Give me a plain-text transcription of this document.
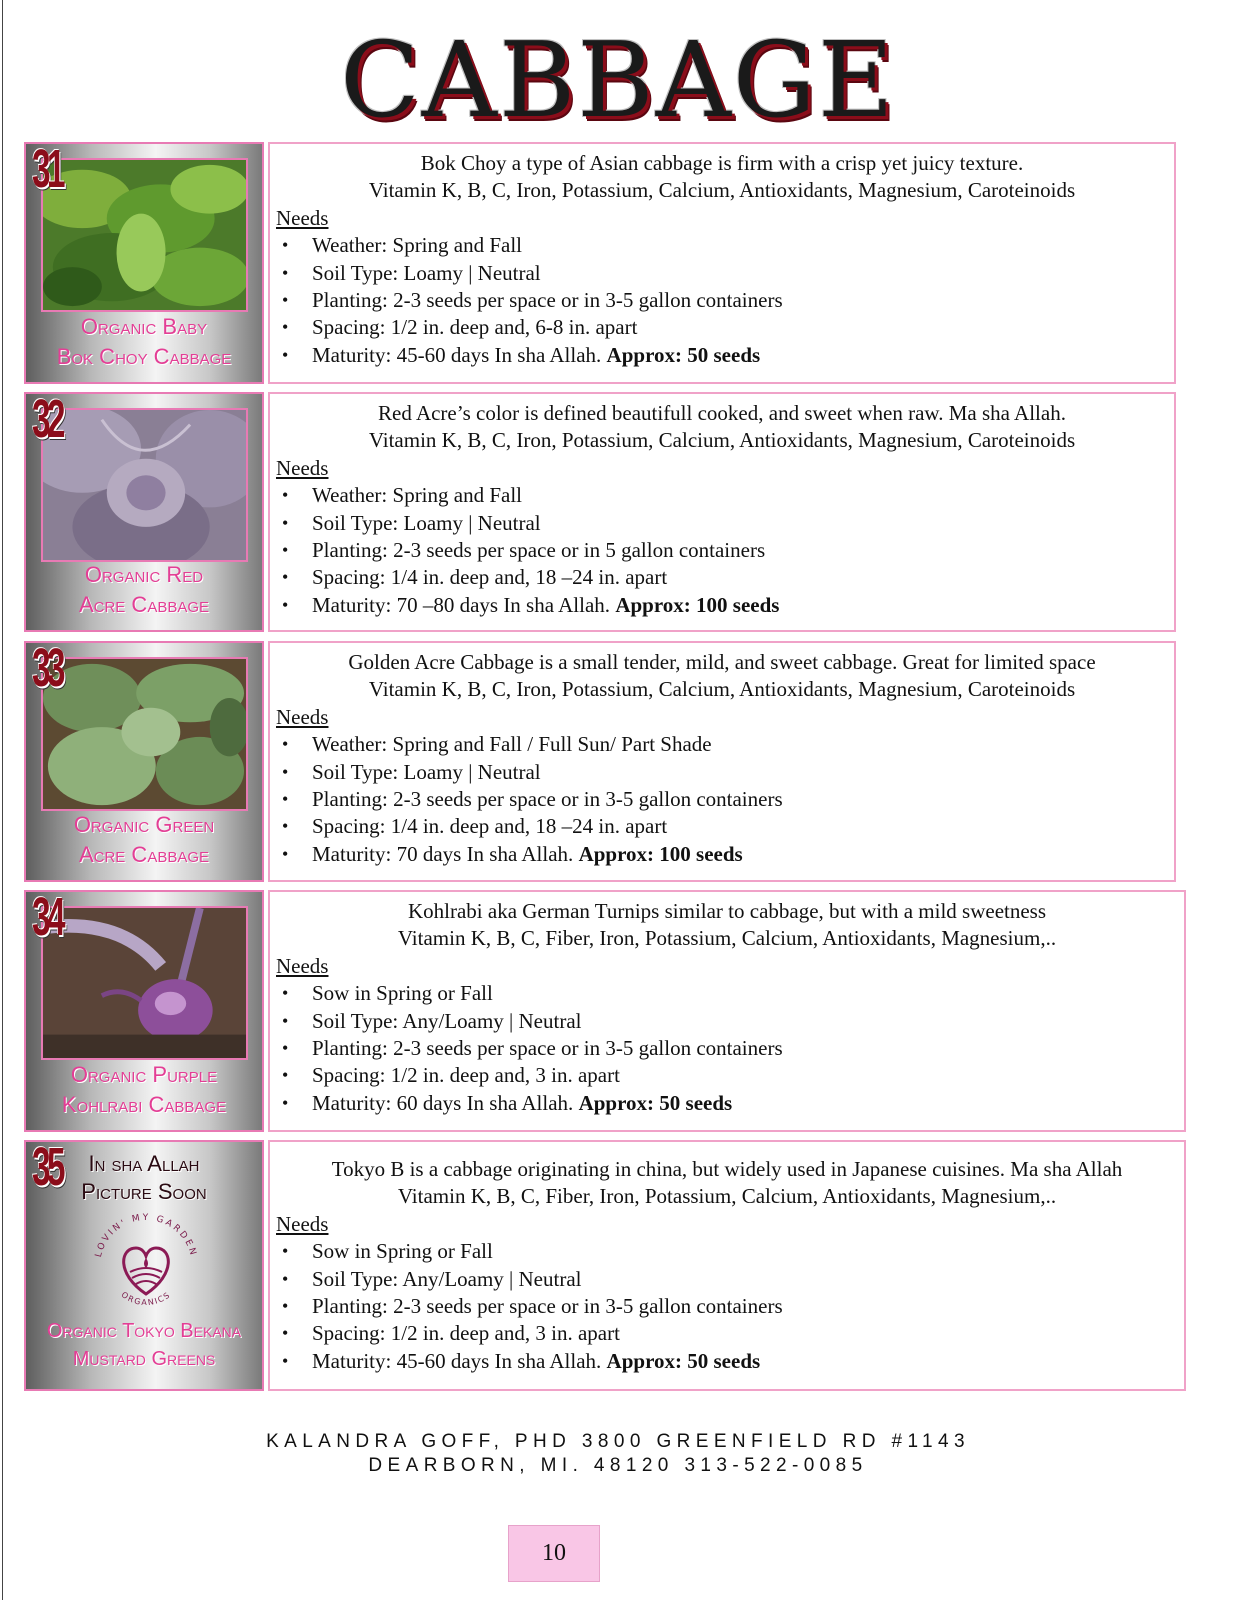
CABBAGE
31
Organic Baby
Bok Choy Cabbage
Bok Choy a type of Asian cabbage is firm with a crisp yet juicy texture.
Vitamin K, B, C, Iron, Potassium, Calcium, Antioxidants, Magnesium, Caroteinoids
Needs
• Weather: Spring and Fall
• Soil Type: Loamy | Neutral
• Planting: 2-3 seeds per space or in 3-5 gallon containers
• Spacing: 1/2 in. deep and, 6-8 in. apart
• Maturity: 45-60 days In sha Allah. Approx: 50 seeds
32
Organic Red
Acre Cabbage
Red Acre’s color is defined beautifull cooked, and sweet when raw. Ma sha Allah.
Vitamin K, B, C, Iron, Potassium, Calcium, Antioxidants, Magnesium, Caroteinoids
Needs
• Weather: Spring and Fall
• Soil Type: Loamy | Neutral
• Planting: 2-3 seeds per space or in 5 gallon containers
• Spacing: 1/4 in. deep and, 18 –24 in. apart
• Maturity: 70 –80 days In sha Allah. Approx: 100 seeds
33
Organic Green
Acre Cabbage
Golden Acre Cabbage is a small tender, mild, and sweet cabbage. Great for limited space
Vitamin K, B, C, Iron, Potassium, Calcium, Antioxidants, Magnesium, Caroteinoids
Needs
• Weather: Spring and Fall / Full Sun/ Part Shade
• Soil Type: Loamy | Neutral
• Planting: 2-3 seeds per space or in 3-5 gallon containers
• Spacing: 1/4 in. deep and, 18 –24 in. apart
• Maturity: 70 days In sha Allah. Approx: 100 seeds
34
Organic Purple
Kohlrabi Cabbage
Kohlrabi aka German Turnips similar to cabbage, but with a mild sweetness
Vitamin K, B, C, Fiber, Iron, Potassium, Calcium, Antioxidants, Magnesium,..
Needs
• Sow in Spring or Fall
• Soil Type: Any/Loamy | Neutral
• Planting: 2-3 seeds per space or in 3-5 gallon containers
• Spacing: 1/2 in. deep and, 3 in. apart
• Maturity: 60 days In sha Allah. Approx: 50 seeds
In sha Allah
Picture Soon
LOVIN' MY GARDEN
ORGANICS
35
Organic Tokyo Bekana
Mustard Greens
Tokyo B is a cabbage originating in china, but widely used in Japanese cuisines. Ma sha Allah
Vitamin K, B, C, Fiber, Iron, Potassium, Calcium, Antioxidants, Magnesium,..
Needs
• Sow in Spring or Fall
• Soil Type: Any/Loamy | Neutral
• Planting: 2-3 seeds per space or in 3-5 gallon containers
• Spacing: 1/2 in. deep and, 3 in. apart
• Maturity: 45-60 days In sha Allah. Approx: 50 seeds
KALANDRA GOFF, PHD 3800 GREENFIELD RD #1143
DEARBORN, MI. 48120 313-522-0085
10
